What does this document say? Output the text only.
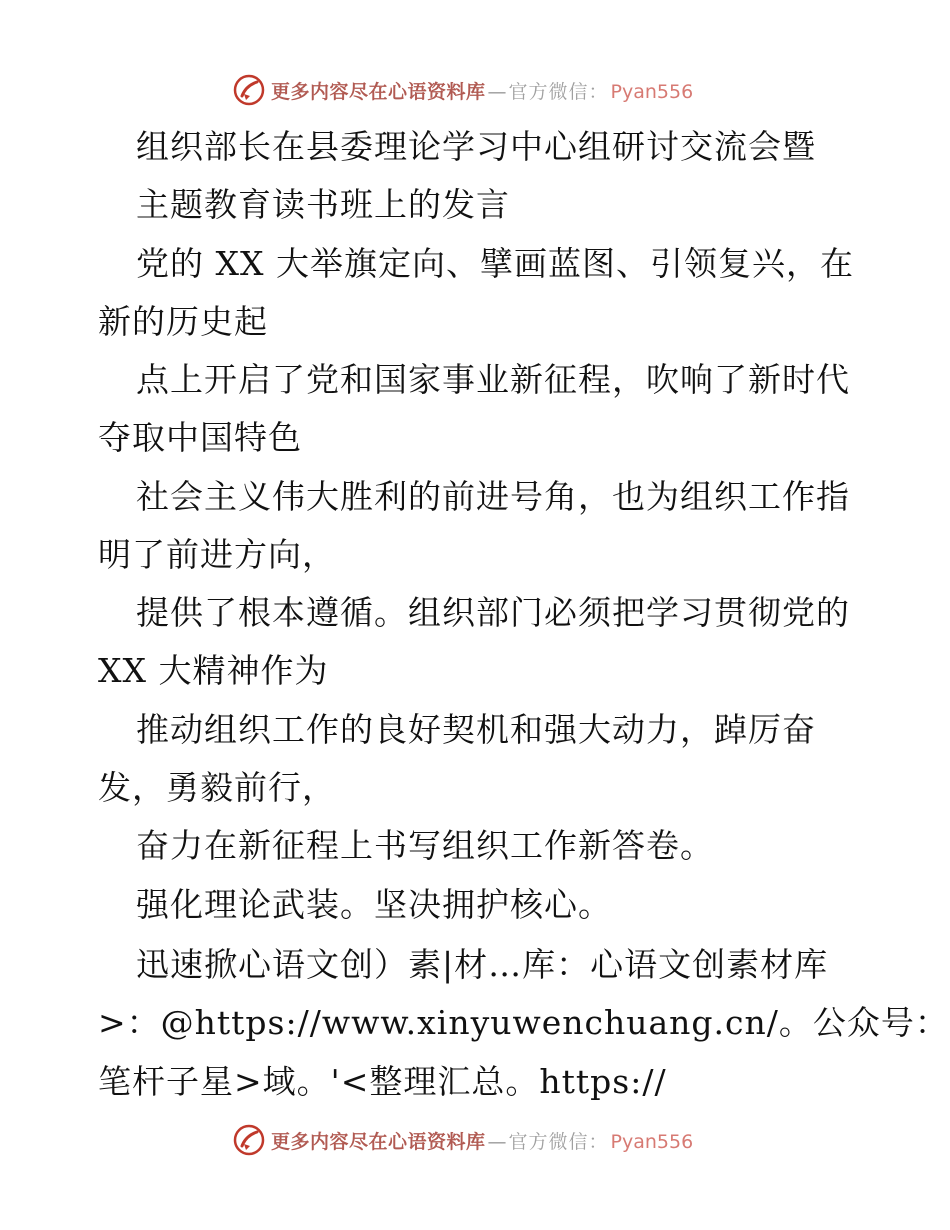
更多内容尽在心语资料库 — 官方微信： Pyan556
组织部长在县委理论学习中心组研讨交流会暨
主题教育读书班上的发言
党的 XX 大举旗定向、擘画蓝图、引领复兴，在
新的历史起
点上开启了党和国家事业新征程，吹响了新时代
夺取中国特色
社会主义伟大胜利的前进号角，也为组织工作指
明了前进方向，
提供了根本遵循。组织部门必须把学习贯彻党的
XX 大精神作为
推动组织工作的良好契机和强大动力，踔厉奋
发，勇毅前行，
奋力在新征程上书写组织工作新答卷。
强化理论武装。坚决拥护核心。
迅速掀心语文创）素|材…库：心语文创素材库
>：@https://www.xinyuwenchuang.cn/。公众号：
笔杆子星>域。'<整理汇总。https://
更多内容尽在心语资料库 — 官方微信： Pyan556
